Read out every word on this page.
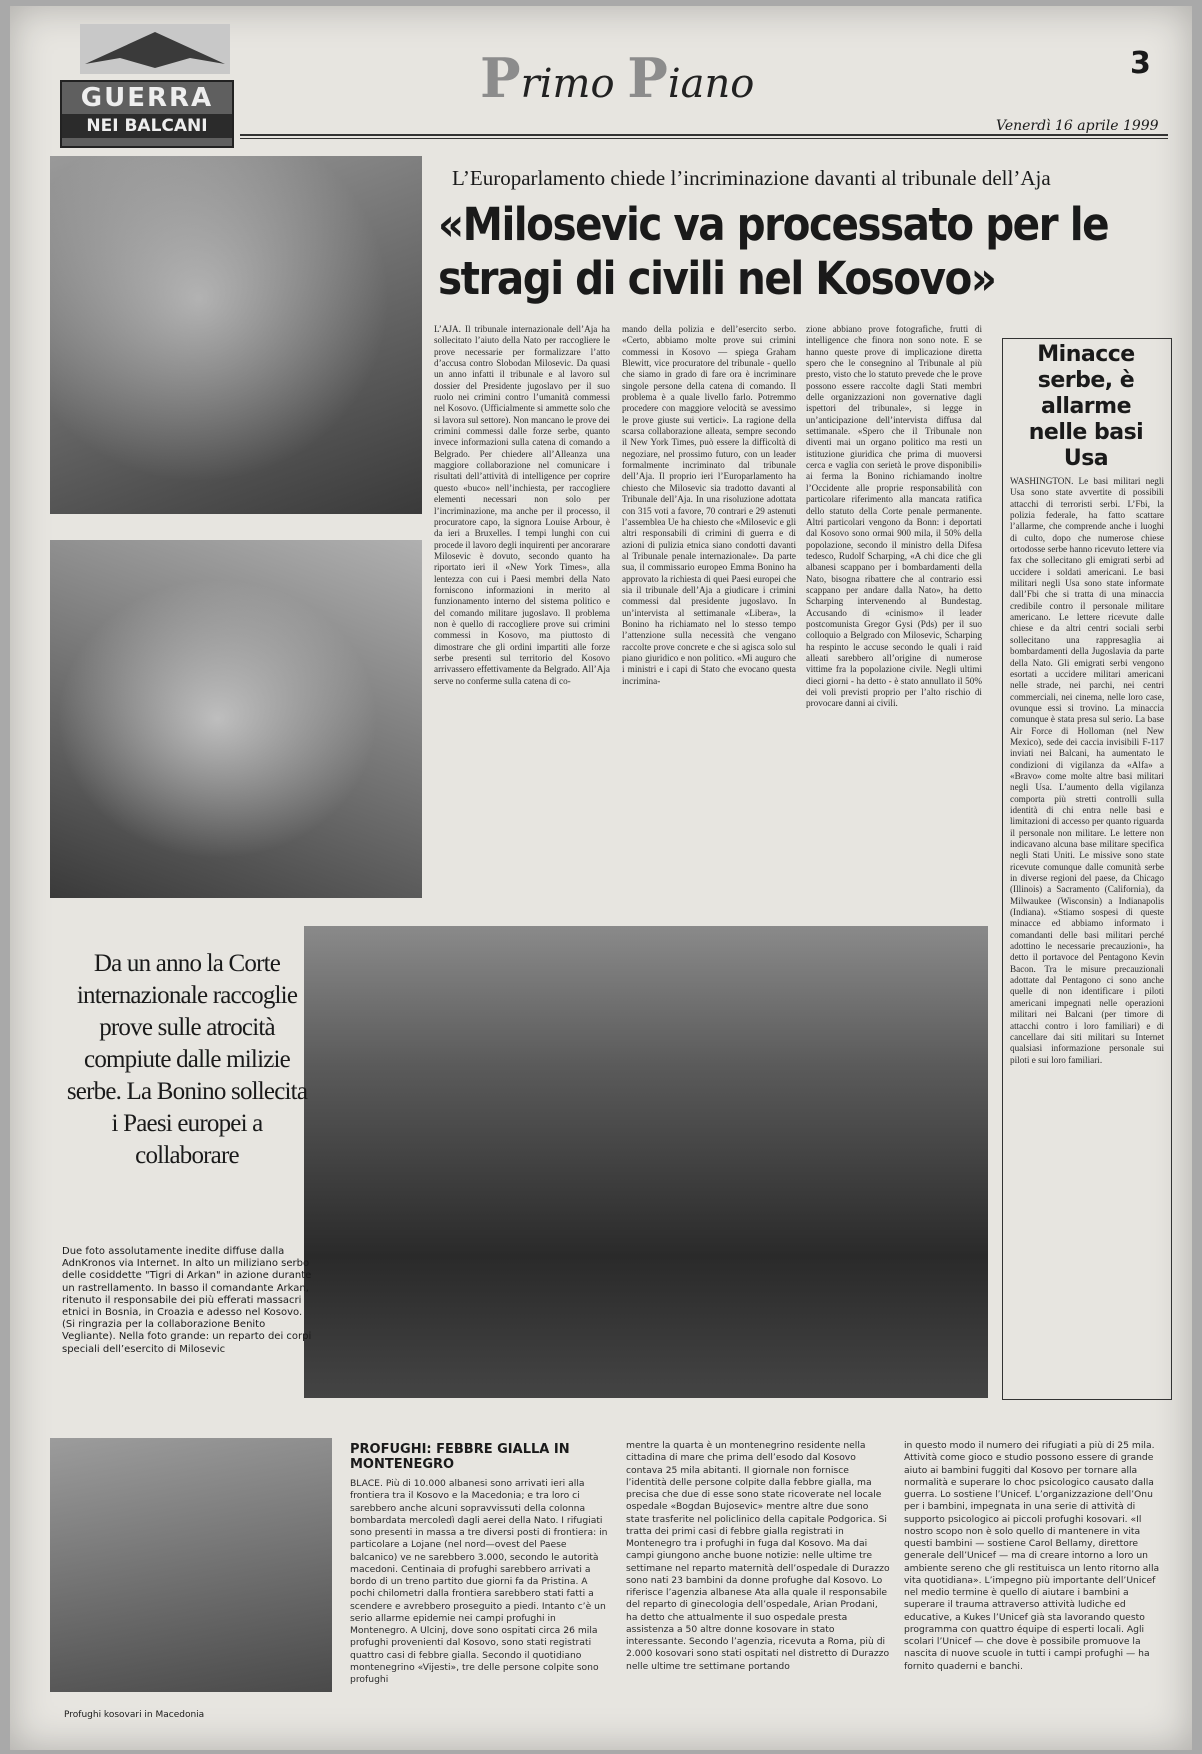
GUERRA
NEI BALCANI
Primo Piano	3
Venerdì 16 aprile 1999
L’Europarlamento chiede l’incriminazione davanti al tribunale dell’Aja
«Milosevic va processato per le stragi di civili nel Kosovo»
L’AJA. Il tribunale internazionale dell’Aja ha sollecitato l’aiuto della Nato per raccogliere le prove necessarie per formalizzare l’atto d’accusa contro Slobodan Milosevic. Da quasi un anno infatti il tribunale e al lavoro sul dossier del Presidente jugoslavo per il suo ruolo nei crimini contro l’umanità commessi nel Kosovo. (Ufficialmente si ammette solo che si lavora sul settore). Non mancano le prove dei crimini commessi dalle forze serbe, quanto invece informazioni sulla catena di comando a Belgrado. Per chiedere all’Alleanza una maggiore collaborazione nel comunicare i risultati dell’attività di intelligence per coprire questo «buco» nell’inchiesta, per raccogliere elementi necessari non solo per l’incriminazione, ma anche per il processo, il procuratore capo, la signora Louise Arbour, è da ieri a Bruxelles. I tempi lunghi con cui procede il lavoro degli inquirenti per ancorarare Milosevic è dovuto, secondo quanto ha riportato ieri il «New York Times», alla lentezza con cui i Paesi membri della Nato forniscono informazioni in merito al funzionamento interno del sistema politico e del comando militare jugoslavo. Il problema non è quello di raccogliere prove sui crimini commessi in Kosovo, ma piuttosto di dimostrare che gli ordini impartiti alle forze serbe presenti sul territorio del Kosovo arrivassero effettivamente da Belgrado. All’Aja serve no conferme sulla catena di co-
mando della polizia e dell’esercito serbo. «Certo, abbiamo molte prove sui crimini commessi in Kosovo — spiega Graham Blewitt, vice procuratore del tribunale - quello che siamo in grado di fare ora è incriminare singole persone della catena di comando. Il problema è a quale livello farlo. Potremmo procedere con maggiore velocità se avessimo le prove giuste sui vertici». La ragione della scarsa collaborazione alleata, sempre secondo il New York Times, può essere la difficoltà di negoziare, nel prossimo futuro, con un leader formalmente incriminato dal tribunale dell’Aja. Il proprio ieri l’Europarlamento ha chiesto che Milosevic sia tradotto davanti al Tribunale dell’Aja. In una risoluzione adottata con 315 voti a favore, 70 contrari e 29 astenuti l’assemblea Ue ha chiesto che «Milosevic e gli altri responsabili di crimini di guerra e di azioni di pulizia etnica siano condotti davanti al Tribunale penale internazionale». Da parte sua, il commissario europeo Emma Bonino ha approvato la richiesta di quei Paesi europei che sia il tribunale dell’Aja a giudicare i crimini commessi dal presidente jugoslavo. In un’intervista al settimanale «Libera», la Bonino ha richiamato nel lo stesso tempo l’attenzione sulla necessità che vengano raccolte prove concrete e che si agisca solo sul piano giuridico e non politico. «Mi auguro che i ministri e i capi di Stato che evocano questa incrimina-
zione abbiano prove fotografiche, frutti di intelligence che finora non sono note. E se hanno queste prove di implicazione diretta spero che le consegnino al Tribunale al più presto, visto che lo statuto prevede che le prove possono essere raccolte dagli Stati membri delle organizzazioni non governative dagli ispettori del tribunale», si legge in un’anticipazione dell’intervista diffusa dal settimanale. «Spero che il Tribunale non diventi mai un organo politico ma resti un istituzione giuridica che prima di muoversi cerca e vaglia con serietà le prove disponibili» ai ferma la Bonino richiamando inoltre l’Occidente alle proprie responsabilità con particolare riferimento alla mancata ratifica dello statuto della Corte penale permanente. Altri particolari vengono da Bonn: i deportati dal Kosovo sono ormai 900 mila, il 50% della popolazione, secondo il ministro della Difesa tedesco, Rudolf Scharping, «A chi dice che gli albanesi scappano per i bombardamenti della Nato, bisogna ribattere che al contrario essi scappano per andare dalla Nato», ha detto Scharping intervenendo al Bundestag. Accusando di «cinismo» il leader postcomunista Gregor Gysi (Pds) per il suo colloquio a Belgrado con Milosevic, Scharping ha respinto le accuse secondo le quali i raid alleati sarebbero all’origine di numerose vittime fra la popolazione civile. Negli ultimi dieci giorni - ha detto - è stato annullato il 50% dei voli previsti proprio per l’alto rischio di provocare danni ai civili.
Minacce serbe, è allarme nelle basi Usa
WASHINGTON. Le basi militari negli Usa sono state avvertite di possibili attacchi di terroristi serbi. L’Fbi, la polizia federale, ha fatto scattare l’allarme, che comprende anche i luoghi di culto, dopo che numerose chiese ortodosse serbe hanno ricevuto lettere via fax che sollecitano gli emigrati serbi ad uccidere i soldati americani. Le basi militari negli Usa sono state informate dall’Fbi che si tratta di una minaccia credibile contro il personale militare americano. Le lettere ricevute dalle chiese e da altri centri sociali serbi sollecitano una rappresaglia ai bombardamenti della Jugoslavia da parte della Nato. Gli emigrati serbi vengono esortati a uccidere militari americani nelle strade, nei parchi, nei centri commerciali, nei cinema, nelle loro case, ovunque essi si trovino. La minaccia comunque è stata presa sul serio. La base Air Force di Holloman (nel New Mexico), sede dei caccia invisibili F-117 inviati nei Balcani, ha aumentato le condizioni di vigilanza da «Alfa» a «Bravo» come molte altre basi militari negli Usa. L’aumento della vigilanza comporta più stretti controlli sulla identità di chi entra nelle basi e limitazioni di accesso per quanto riguarda il personale non militare. Le lettere non indicavano alcuna base militare specifica negli Stati Uniti. Le missive sono state ricevute comunque dalle comunità serbe in diverse regioni del paese, da Chicago (Illinois) a Sacramento (California), da Milwaukee (Wisconsin) a Indianapolis (Indiana). «Stiamo sospesi di queste minacce ed abbiamo informato i comandanti delle basi militari perché adottino le necessarie precauzioni», ha detto il portavoce del Pentagono Kevin Bacon. Tra le misure precauzionali adottate dal Pentagono ci sono anche quelle di non identificare i piloti americani impegnati nelle operazioni militari nei Balcani (per timore di attacchi contro i loro familiari) e di cancellare dai siti militari su Internet qualsiasi informazione personale sui piloti e sui loro familiari.
Da un anno la Corte internazionale raccoglie prove sulle atrocità compiute dalle milizie serbe. La Bonino sollecita i Paesi europei a collaborare
Due foto assolutamente inedite diffuse dalla AdnKronos via Internet. In alto un miliziano serbo delle cosiddette "Tigri di Arkan" in azione durante un rastrellamento. In basso il comandante Arkan, ritenuto il responsabile dei più efferati massacri etnici in Bosnia, in Croazia e adesso nel Kosovo. (Si ringrazia per la collaborazione Benito Vegliante). Nella foto grande: un reparto dei corpi speciali dell’esercito di Milosevic
PROFUGHI: FEBBRE GIALLA IN MONTENEGRO
BLACE. Più di 10.000 albanesi sono arrivati ieri alla frontiera tra il Kosovo e la Macedonia; e tra loro ci sarebbero anche alcuni sopravvissuti della colonna bombardata mercoledì dagli aerei della Nato. I rifugiati sono presenti in massa a tre diversi posti di frontiera: in particolare a Lojane (nel nord—ovest del Paese balcanico) ve ne sarebbero 3.000, secondo le autorità macedoni. Centinaia di profughi sarebbero arrivati a bordo di un treno partito due giorni fa da Pristina. A pochi chilometri dalla frontiera sarebbero stati fatti a scendere e avrebbero proseguito a piedi. Intanto c’è un serio allarme epidemie nei campi profughi in Montenegro. A Ulcinj, dove sono ospitati circa 26 mila profughi provenienti dal Kosovo, sono stati registrati quattro casi di febbre gialla. Secondo il quotidiano montenegrino «Vijesti», tre delle persone colpite sono profughi
mentre la quarta è un montenegrino residente nella cittadina di mare che prima dell’esodo dal Kosovo contava 25 mila abitanti. Il giornale non fornisce l’identità delle persone colpite dalla febbre gialla, ma precisa che due di esse sono state ricoverate nel locale ospedale «Bogdan Bujosevic» mentre altre due sono state trasferite nel policlinico della capitale Podgorica. Si tratta dei primi casi di febbre gialla registrati in Montenegro tra i profughi in fuga dal Kosovo. Ma dai campi giungono anche buone notizie: nelle ultime tre settimane nel reparto maternità dell’ospedale di Durazzo sono nati 23 bambini da donne profughe dal Kosovo. Lo riferisce l’agenzia albanese Ata alla quale il responsabile del reparto di ginecologia dell’ospedale, Arian Prodani, ha detto che attualmente il suo ospedale presta assistenza a 50 altre donne kosovare in stato interessante. Secondo l’agenzia, ricevuta a Roma, più di 2.000 kosovari sono stati ospitati nel distretto di Durazzo nelle ultime tre settimane portando
in questo modo il numero dei rifugiati a più di 25 mila. Attività come gioco e studio possono essere di grande aiuto ai bambini fuggiti dal Kosovo per tornare alla normalità e superare lo choc psicologico causato dalla guerra. Lo sostiene l’Unicef. L’organizzazione dell’Onu per i bambini, impegnata in una serie di attività di supporto psicologico ai piccoli profughi kosovari. «Il nostro scopo non è solo quello di mantenere in vita questi bambini — sostiene Carol Bellamy, direttore generale dell’Unicef — ma di creare intorno a loro un ambiente sereno che gli restituisca un lento ritorno alla vita quotidiana». L’impegno più importante dell’Unicef nel medio termine è quello di aiutare i bambini a superare il trauma attraverso attività ludiche ed educative, a Kukes l’Unicef già sta lavorando questo programma con quattro équipe di esperti locali. Agli scolari l’Unicef — che dove è possibile promuove la nascita di nuove scuole in tutti i campi profughi — ha fornito quaderni e banchi.
Profughi kosovari in Macedonia
